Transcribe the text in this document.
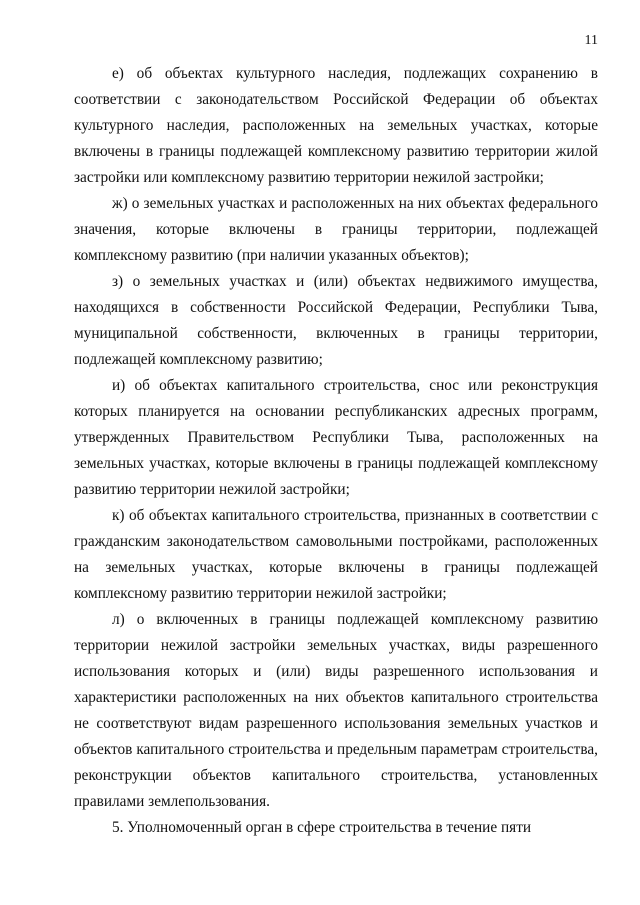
11

е) об объектах культурного наследия, подлежащих сохранению в соответствии с законодательством Российской Федерации об объектах культурного наследия, расположенных на земельных участках, которые включены в границы подлежащей комплексному развитию территории жилой застройки или комплексному развитию территории нежилой застройки;

ж) о земельных участках и расположенных на них объектах федерального значения, которые включены в границы территории, подлежащей комплексному развитию (при наличии указанных объектов);

з) о земельных участках и (или) объектах недвижимого имущества, находящихся в собственности Российской Федерации, Республики Тыва, муниципальной собственности, включенных в границы территории, подлежащей комплексному развитию;

и) об объектах капитального строительства, снос или реконструкция которых планируется на основании республиканских адресных программ, утвержденных Правительством Республики Тыва, расположенных на земельных участках, которые включены в границы подлежащей комплексному развитию территории нежилой застройки;

к) об объектах капитального строительства, признанных в соответствии с гражданским законодательством самовольными постройками, расположенных на земельных участках, которые включены в границы подлежащей комплексному развитию территории нежилой застройки;

л) о включенных в границы подлежащей комплексному развитию территории нежилой застройки земельных участках, виды разрешенного использования которых и (или) виды разрешенного использования и характеристики расположенных на них объектов капитального строительства не соответствуют видам разрешенного использования земельных участков и объектов капитального строительства и предельным параметрам строительства, реконструкции объектов капитального строительства, установленных правилами землепользования.

5. Уполномоченный орган в сфере строительства в течение пяти
